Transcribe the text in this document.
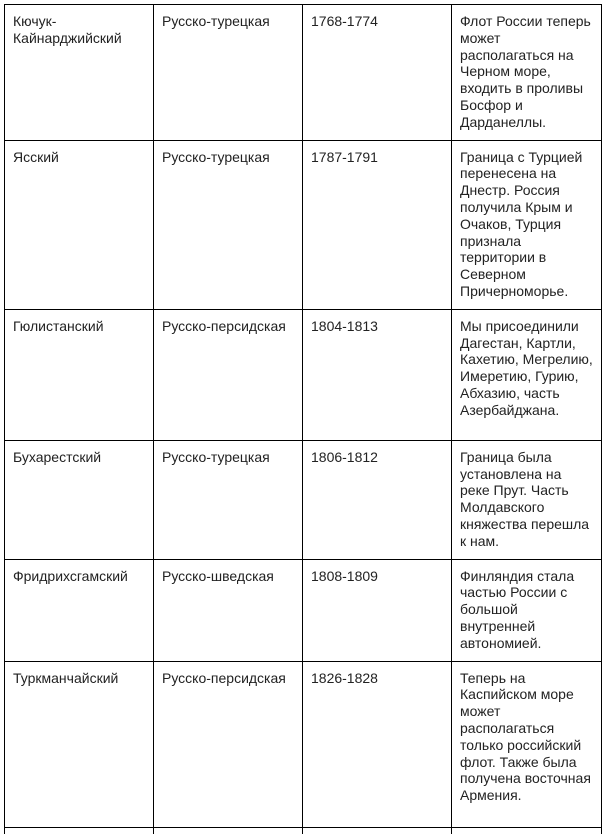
Кючук-Кайнарджийский	Русско-турецкая	1768-1774	Флот России теперь может располагаться на Черном море, входить в проливы Босфор и Дарданеллы.
Ясский	Русско-турецкая	1787-1791	Граница с Турцией перенесена на Днестр. Россия получила Крым и Очаков, Турция признала территории в Северном Причерноморье.
Гюлистанский	Русско-персидская	1804-1813	Мы присоединили Дагестан, Картли, Кахетию, Мегрелию, Имеретию, Гурию, Абхазию, часть Азербайджана.
Бухарестский	Русско-турецкая	1806-1812	Граница была установлена на реке Прут. Часть Молдавского княжества перешла к нам.
Фридрихсгамский	Русско-шведская	1808-1809	Финляндия стала частью России с большой внутренней автономией.
Туркманчайский	Русско-персидская	1826-1828	Теперь на Каспийском море может располагаться только российский флот. Также была получена восточная Армения.
